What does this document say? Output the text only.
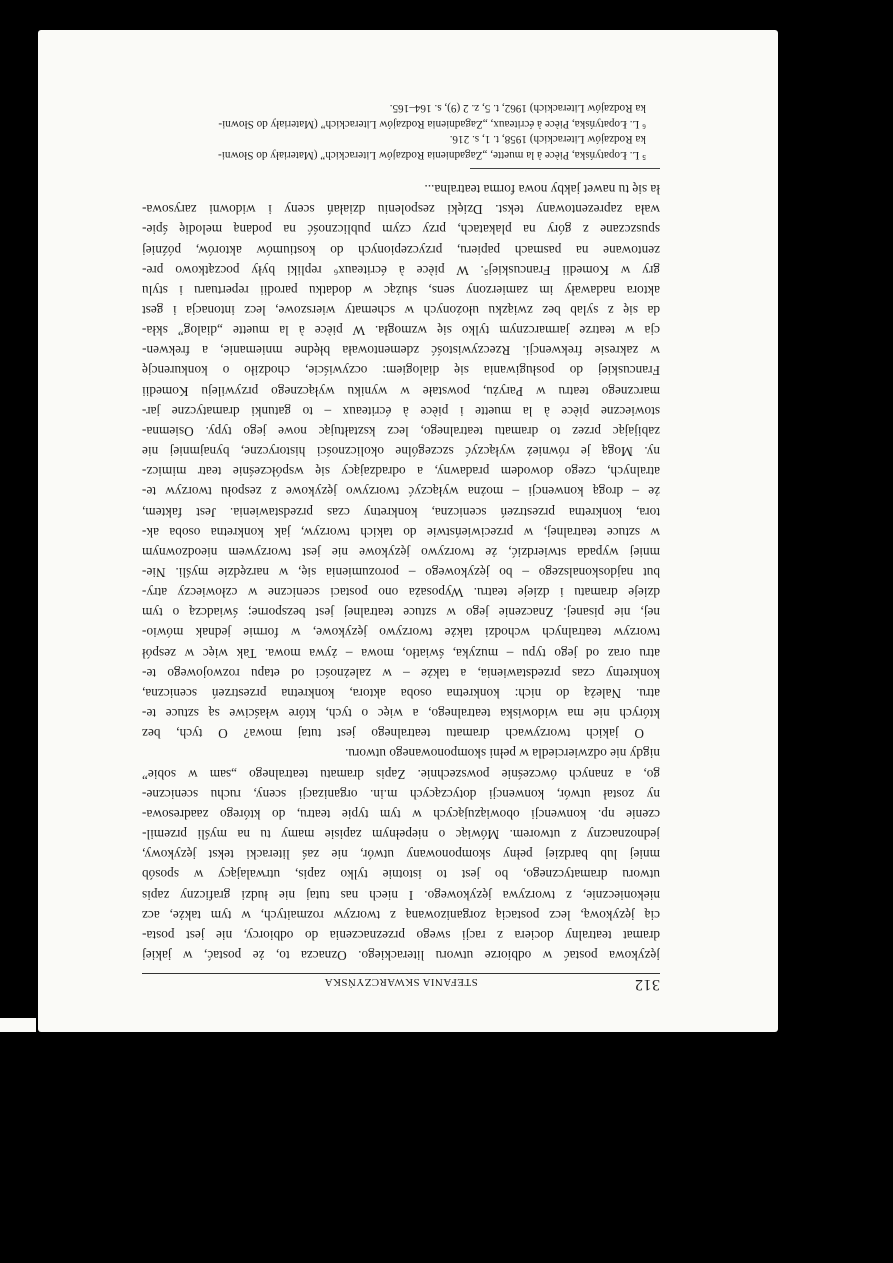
312
STEFANIA SKWARCZYŃSKA
językowa postać w odbiorze utworu literackiego. Oznacza to, że postać, w jakiej
dramat teatralny dociera z racji swego przeznaczenia do odbiorcy, nie jest posta-
cią językową, lecz postacią zorganizowaną z tworzyw rozmaitych, w tym także, acz
niekoniecznie, z tworzywa językowego. I niech nas tutaj nie łudzi graficzny zapis
utworu dramatycznego, bo jest to istotnie tylko zapis, utrwalający w sposób
mniej lub bardziej pełny skomponowany utwór, nie zaś literacki tekst językowy,
jednoznaczny z utworem. Mówiąc o niepełnym zapisie mamy tu na myśli przemil-
czenie np. konwencji obowiązujących w tym typie teatru, do którego zaadresowa-
ny został utwór, konwencji dotyczących m.in. organizacji sceny, ruchu sceniczne-
go, a znanych ówcześnie powszechnie. Zapis dramatu teatralnego „sam w sobie”
nigdy nie odzwierciedla w pełni skomponowanego utworu.
O jakich tworzywach dramatu teatralnego jest tutaj mowa? O tych, bez
których nie ma widowiska teatralnego, a więc o tych, które właściwe są sztuce te-
atru. Należą do nich: konkretna osoba aktora, konkretna przestrzeń sceniczna,
konkretny czas przedstawienia, a także – w zależności od etapu rozwojowego te-
atru oraz od jego typu – muzyka, światło, mowa – żywa mowa. Tak więc w zespół
tworzyw teatralnych wchodzi także tworzywo językowe, w formie jednak mówio-
nej, nie pisanej. Znaczenie jego w sztuce teatralnej jest bezsporne; świadczą o tym
dzieje dramatu i dzieje teatru. Wyposaża ono postaci sceniczne w człowieczy atry-
but najdoskonalszego – bo językowego – porozumienia się, w narzędzie myśli. Nie-
mniej wypada stwierdzić, że tworzywo językowe nie jest tworzywem nieodzownym
w sztuce teatralnej, w przeciwieństwie do takich tworzyw, jak konkretna osoba ak-
tora, konkretna przestrzeń sceniczna, konkretny czas przedstawienia. Jest faktem,
że – drogą konwencji – można wyłączyć tworzywo językowe z zespołu tworzyw te-
atralnych, czego dowodem pradawny, a odradzający się współcześnie teatr mimicz-
ny. Mogą je również wyłączyć szczególne okoliczności historyczne, bynajmniej nie
zabijając przez to dramatu teatralnego, lecz kształtując nowe jego typy. Osiemna-
stowieczne pièce à la muette i pièce à écriteaux – to gatunki dramatyczne jar-
marcznego teatru w Paryżu, powstałe w wyniku wyłącznego przywileju Komedii
Francuskiej do posługiwania się dialogiem: oczywiście, chodziło o konkurencję
w zakresie frekwencji. Rzeczywistość zdementowała błędne mniemanie, a frekwen-
cja w teatrze jarmarcznym tylko się wzmogła. W pièce à la muette „dialog” skła-
da się z sylab bez związku ułożonych w schematy wierszowe, lecz intonacja i gest
aktora nadawały im zamierzony sens, służąc w dodatku parodii repertuaru i stylu
gry w Komedii Francuskiej⁵. W pièce à écriteaux⁶ repliki były początkowo pre-
zentowane na pasmach papieru, przyczepionych do kostiumów aktorów, później
spuszczane z góry na plakatach, przy czym publiczność na podaną melodię śpie-
wała zaprezentowany tekst. Dzięki zespoleniu działań sceny i widowni zarysowa-
ła się tu nawet jakby nowa forma teatralna...
⁵ L. Łopatyńska, Pièce à la muette, „Zagadnienia Rodzajów Literackich” (Materiały do Słowni-
ka Rodzajów Literackich) 1958, t. 1, s. 216.
⁶ L. Łopatyńska, Pièce à écriteaux, „Zagadnienia Rodzajów Literackich” (Materiały do Słowni-
ka Rodzajów Literackich) 1962, t. 5, z. 2 (9), s. 164–165.
